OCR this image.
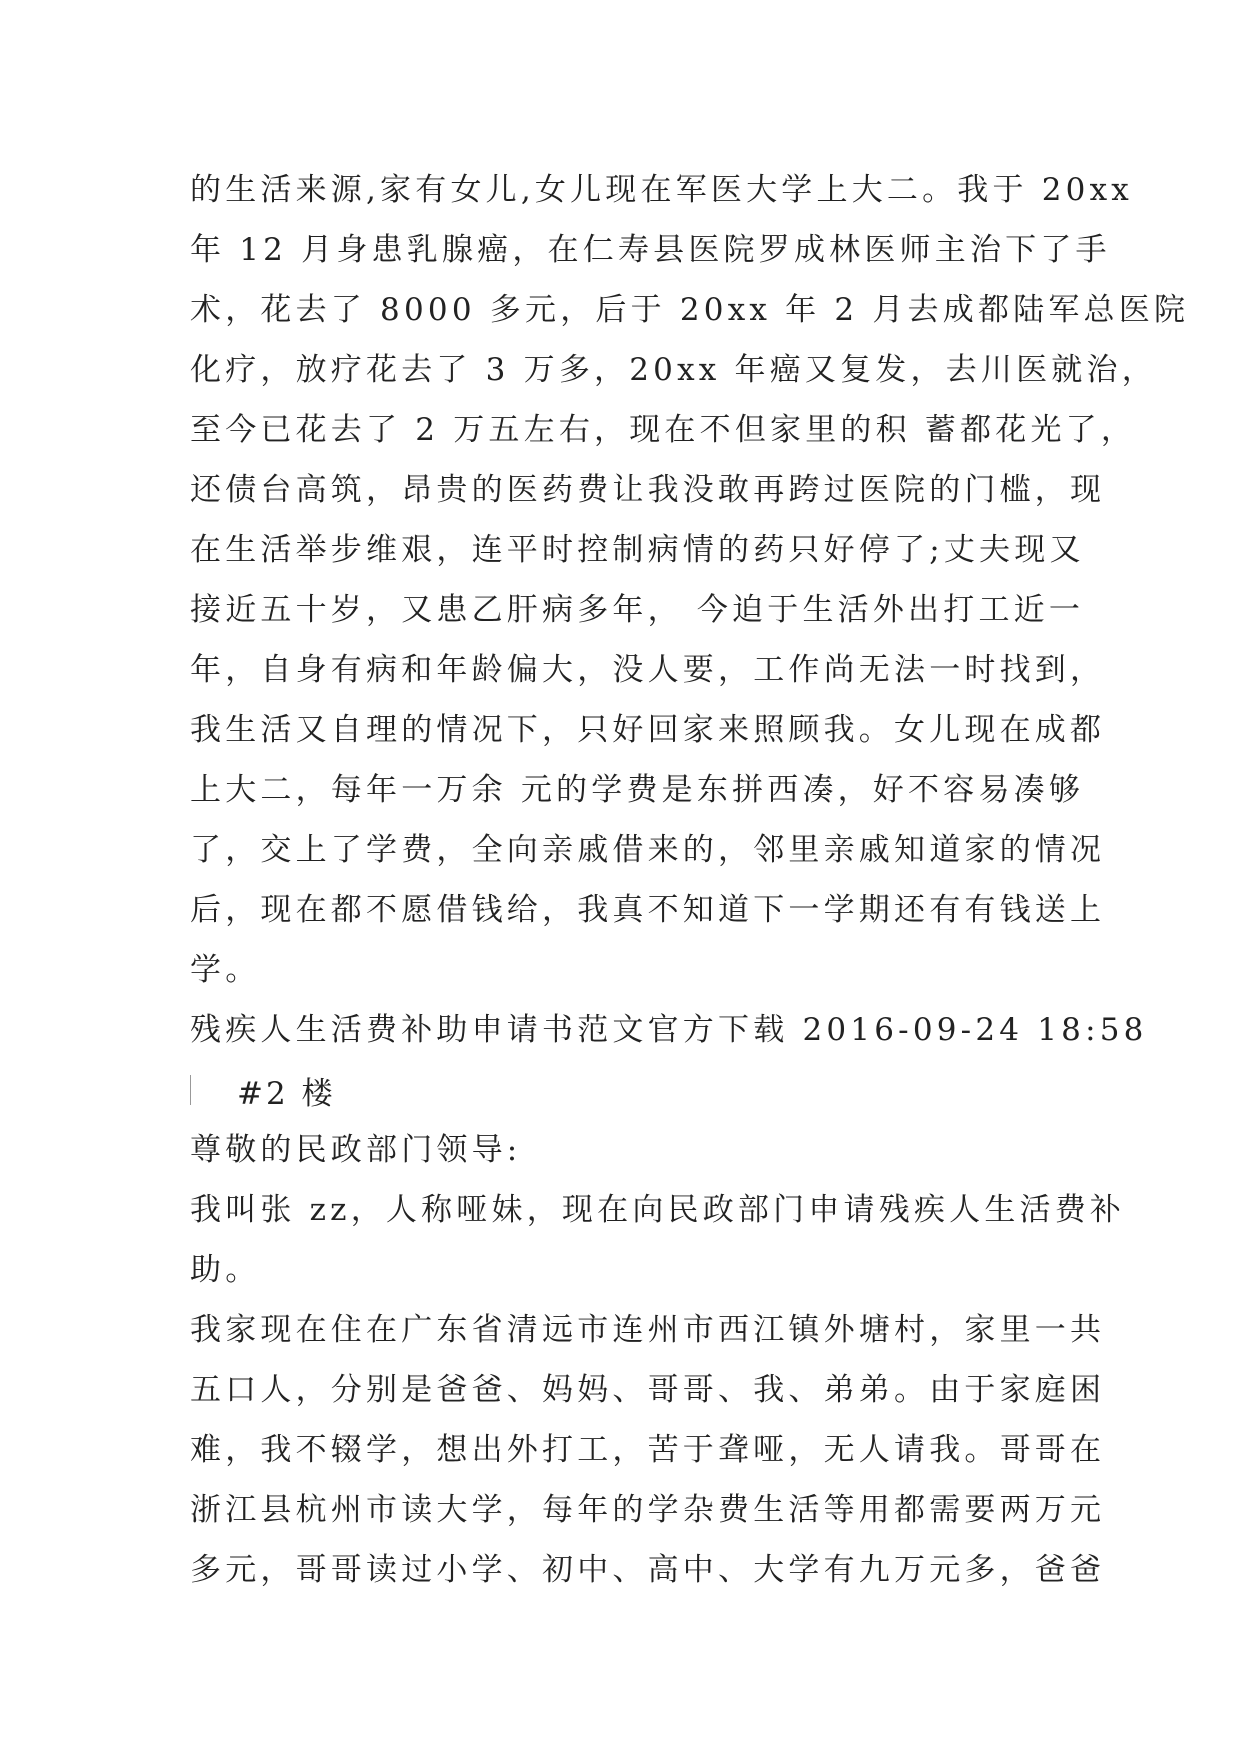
的生活来源,家有女儿,女儿现在军医大学上大二。我于 20xx
年 12 月身患乳腺癌，在仁寿县医院罗成林医师主治下了手
术，花去了 8000 多元，后于 20xx 年 2 月去成都陆军总医院
化疗，放疗花去了 3 万多，20xx 年癌又复发，去川医就治，
至今已花去了 2 万五左右，现在不但家里的积 蓄都花光了，
还债台高筑，昂贵的医药费让我没敢再跨过医院的门槛，现
在生活举步维艰，连平时控制病情的药只好停了;丈夫现又
接近五十岁，又患乙肝病多年， 今迫于生活外出打工近一
年，自身有病和年龄偏大，没人要，工作尚无法一时找到，
我生活又自理的情况下，只好回家来照顾我。女儿现在成都
上大二，每年一万余 元的学费是东拼西凑，好不容易凑够
了，交上了学费，全向亲戚借来的，邻里亲戚知道家的情况
后，现在都不愿借钱给，我真不知道下一学期还有有钱送上
学。
残疾人生活费补助申请书范文官方下载 2016-09-24 18:58
#2 楼
尊敬的民政部门领导:
我叫张 zz，人称哑妹，现在向民政部门申请残疾人生活费补
助。
我家现在住在广东省清远市连州市西江镇外塘村，家里一共
五口人，分别是爸爸、妈妈、哥哥、我、弟弟。由于家庭困
难，我不辍学，想出外打工，苦于聋哑，无人请我。哥哥在
浙江县杭州市读大学，每年的学杂费生活等用都需要两万元
多元，哥哥读过小学、初中、高中、大学有九万元多，爸爸
